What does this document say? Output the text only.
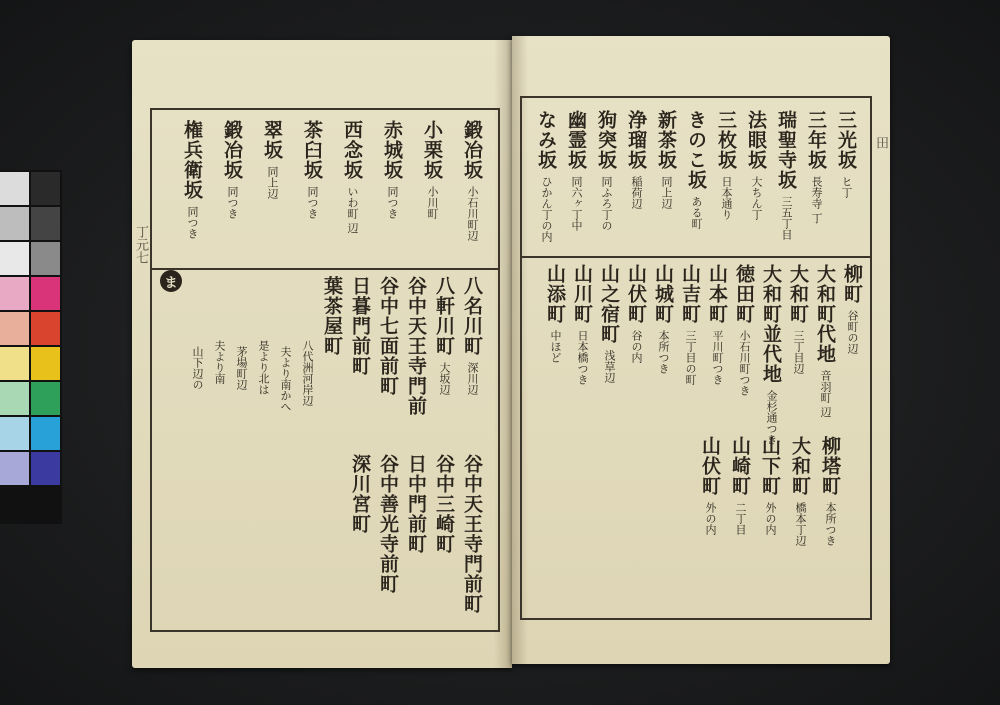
丁元七
鍛冶坂小石川町辺
小栗坂小川町
赤城坂同つき
西念坂いわ町 辺
茶臼坂同つき
翠坂同上辺
鍛冶坂同つき
権兵衛坂同つき
八名川町深川辺
八軒川町大坂辺
谷中天王寺門前
谷中七面前町
日暮門前町
葉茶屋町
谷中天王寺門前町
谷中三崎町
日中門前町
谷中善光寺前町
深川宮町
八代洲河岸辺
夫より南かへ
是より北は
茅場町辺
夫より南
山下辺の
田
三光坂ヒ丁
三年坂長寿寺 丁
瑞聖寺坂三五丁目
法眼坂大ちん丁
三枚坂日本通り
きのこ坂ある町
新茶坂同上辺
浄瑠坂稲荷辺
狗突坂同ふろ丁の
幽霊坂同六ヶ丁中
なみ坂ひかん丁の内
柳町谷町の辺
大和町代地音羽町 辺
大和町三丁目辺
大和町並代地金杉通つき
徳田町小石川町つき
山本町平川町つき
山吉町三丁目の町
山城町本所つき
山伏町谷の内
山之宿町浅草辺
山川町日本橋つき
山添町中ほど
柳塔町本所つき
大和町橋本丁辺
山下町外の内
山崎町二丁目
山伏町外の内
ま
